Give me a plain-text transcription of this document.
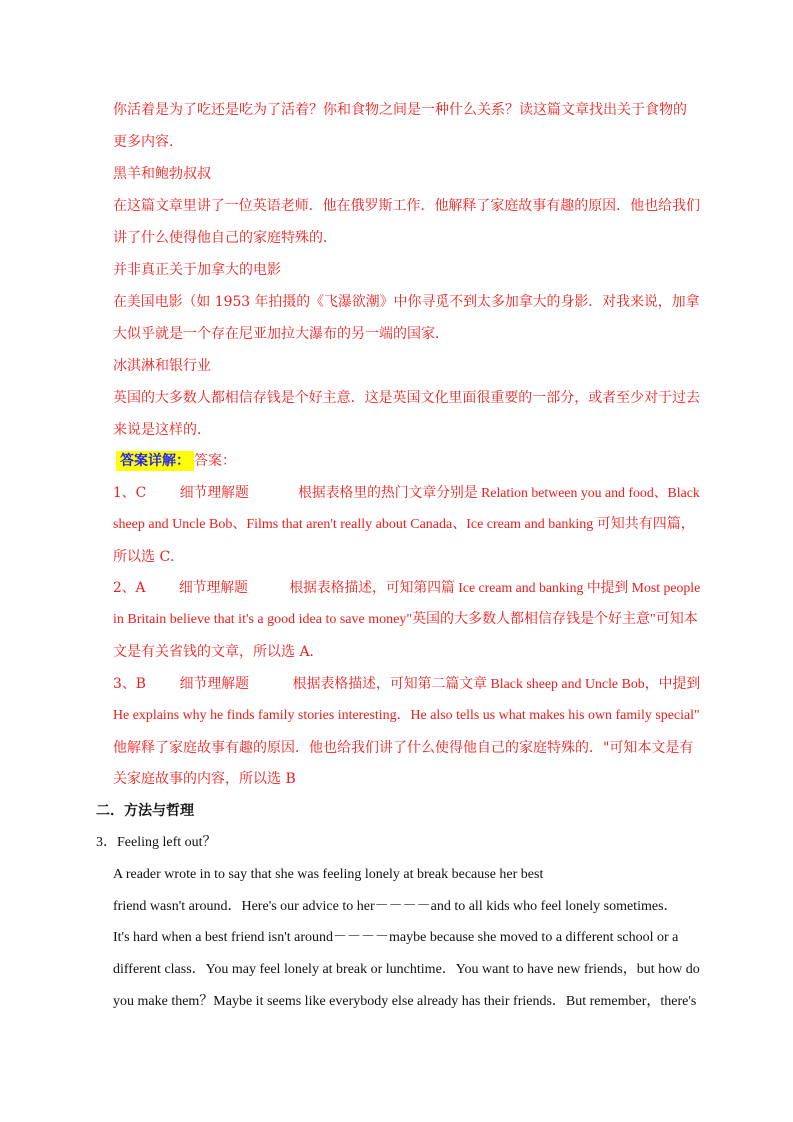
你活着是为了吃还是吃为了活着？你和食物之间是一种什么关系？读这篇文章找出关于食物的
更多内容.
黑羊和鲍勃叔叔
在这篇文章里讲了一位英语老师．他在俄罗斯工作．他解释了家庭故事有趣的原因．他也给我们
讲了什么使得他自己的家庭特殊的．
并非真正关于加拿大的电影
在美国电影（如 1953 年拍摄的《飞瀑欲潮》中你寻觅不到太多加拿大的身影．对我来说，加拿
大似乎就是一个存在尼亚加拉大瀑布的另一端的国家．
冰淇淋和银行业
英国的大多数人都相信存钱是个好主意．这是英国文化里面很重要的一部分，或者至少对于过去
来说是这样的．
答案详解： 答案：
1、C 细节理解题	根据表格里的热门文章分别是 Relation between you and food、Black
sheep and Uncle Bob、Films that aren't really about Canada、Ice cream and banking 可知共有四篇，
所以选 C．
2、A 细节理解题	根据表格描述，可知第四篇 Ice cream and banking 中提到 Most people
in Britain believe that it's a good idea to save money"英国的大多数人都相信存钱是个好主意"可知本
文是有关省钱的文章，所以选 A．
3、B 细节理解题	根据表格描述，可知第二篇文章 Black sheep and Uncle Bob，中提到
He explains why he finds family stories interesting．He also tells us what makes his own family special"
他解释了家庭故事有趣的原因．他也给我们讲了什么使得他自己的家庭特殊的．"可知本文是有
关家庭故事的内容，所以选 B
二．方法与哲理
3．Feeling left out？
A reader wrote in to say that she was feeling lonely at break because her best
friend wasn't around．Here's our advice to her－－－－and to all kids who feel lonely sometimes．
It's hard when a best friend isn't around－－－－maybe because she moved to a different school or a
different class．You may feel lonely at break or lunchtime．You want to have new friends，but how do
you make them？Maybe it seems like everybody else already has their friends．But remember，there's
